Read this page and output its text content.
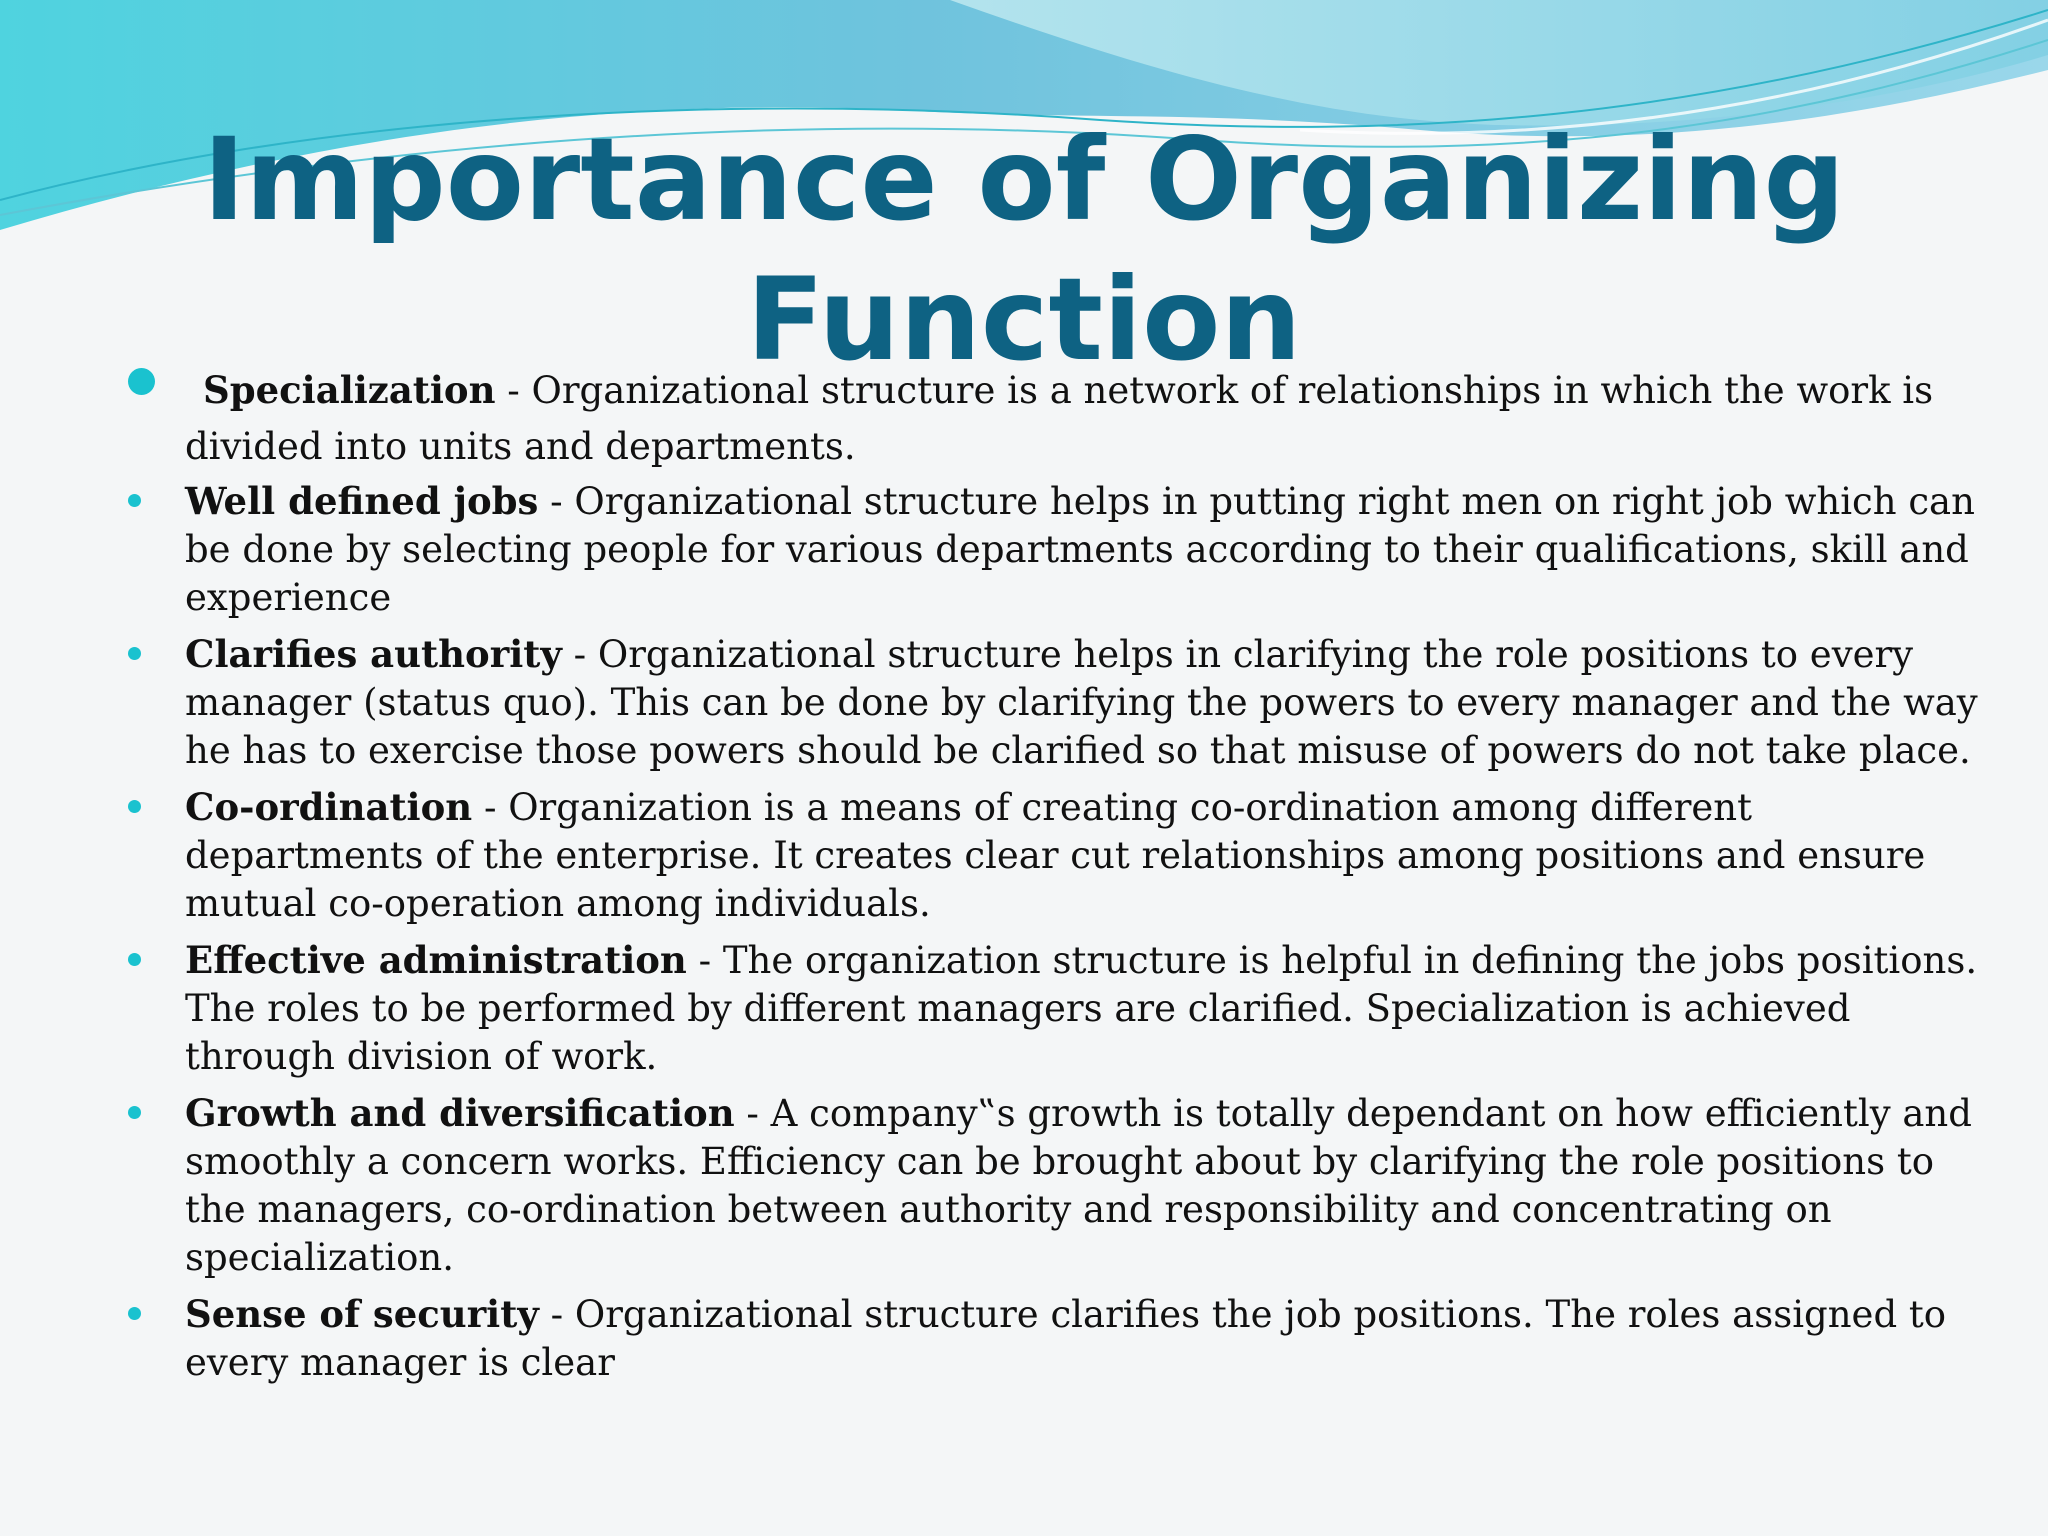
Importance of Organizing Function
Specialization - Organizational structure is a network of relationships in which the work is divided into units and departments.
Well defined jobs - Organizational structure helps in putting right men on right job which can be done by selecting people for various departments according to their qualifications, skill and experience
Clarifies authority - Organizational structure helps in clarifying the role positions to every manager (status quo). This can be done by clarifying the powers to every manager and the way he has to exercise those powers should be clarified so that misuse of powers do not take place.
Co-ordination - Organization is a means of creating co-ordination among different departments of the enterprise. It creates clear cut relationships among positions and ensure mutual co-operation among individuals.
Effective administration - The organization structure is helpful in defining the jobs positions. The roles to be performed by different managers are clarified. Specialization is achieved through division of work.
Growth and diversification - A company‟s growth is totally dependant on how efficiently and smoothly a concern works. Efficiency can be brought about by clarifying the role positions to the managers, co-ordination between authority and responsibility and concentrating on specialization.
Sense of security - Organizational structure clarifies the job positions. The roles assigned to every manager is clear
